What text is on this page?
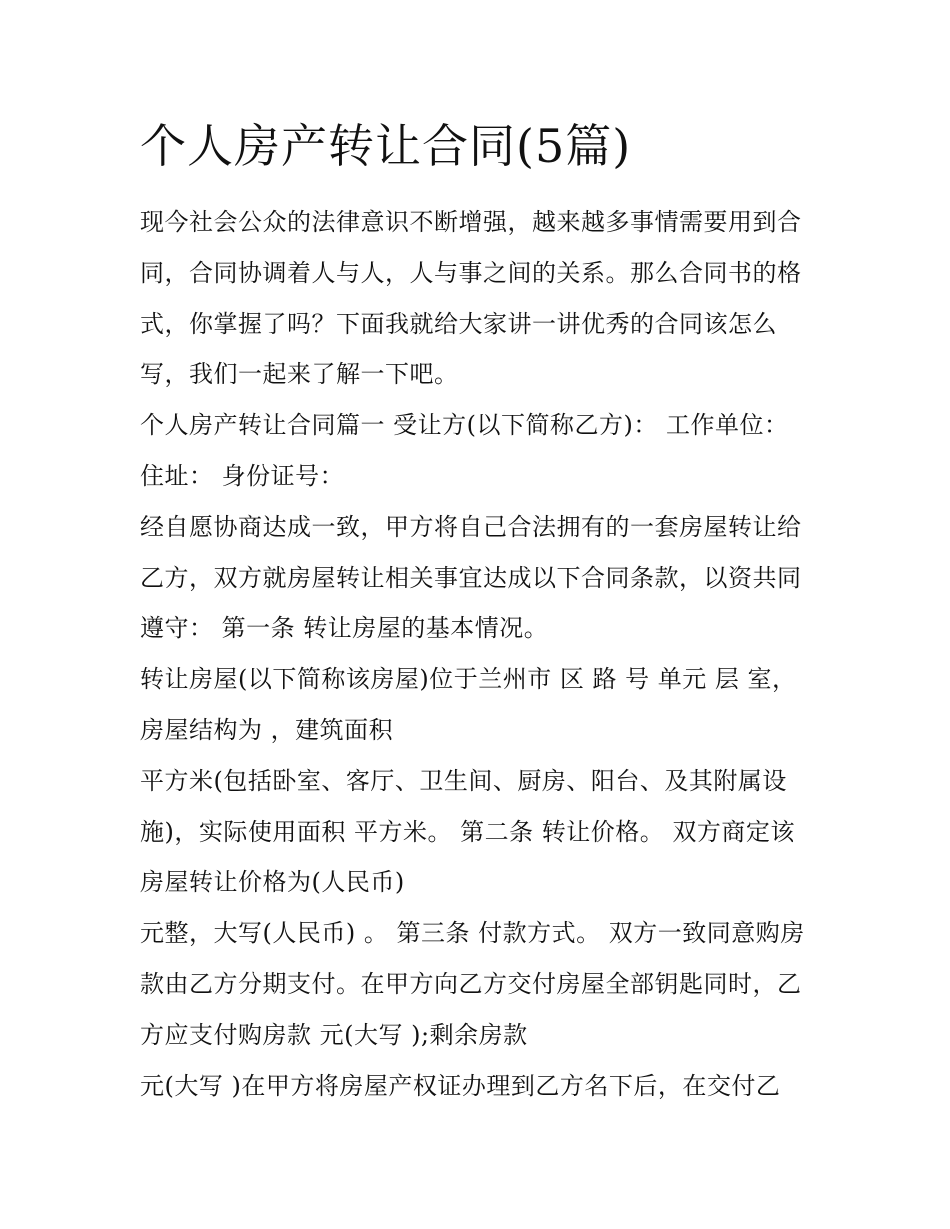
个人房产转让合同(5篇)
现今社会公众的法律意识不断增强，越来越多事情需要用到合
同，合同协调着人与人，人与事之间的关系。那么合同书的格
式，你掌握了吗？下面我就给大家讲一讲优秀的合同该怎么
写，我们一起来了解一下吧。
个人房产转让合同篇一 受让方(以下简称乙方)： 工作单位：
住址： 身份证号：
经自愿协商达成一致，甲方将自己合法拥有的一套房屋转让给
乙方，双方就房屋转让相关事宜达成以下合同条款，以资共同
遵守： 第一条 转让房屋的基本情况。
转让房屋(以下简称该房屋)位于兰州市 区 路 号 单元 层 室，
房屋结构为 ，建筑面积
平方米(包括卧室、客厅、卫生间、厨房、阳台、及其附属设
施)，实际使用面积 平方米。 第二条 转让价格。 双方商定该
房屋转让价格为(人民币)
元整，大写(人民币) 。 第三条 付款方式。 双方一致同意购房
款由乙方分期支付。在甲方向乙方交付房屋全部钥匙同时，乙
方应支付购房款 元(大写 );剩余房款
元(大写 )在甲方将房屋产权证办理到乙方名下后，在交付乙
